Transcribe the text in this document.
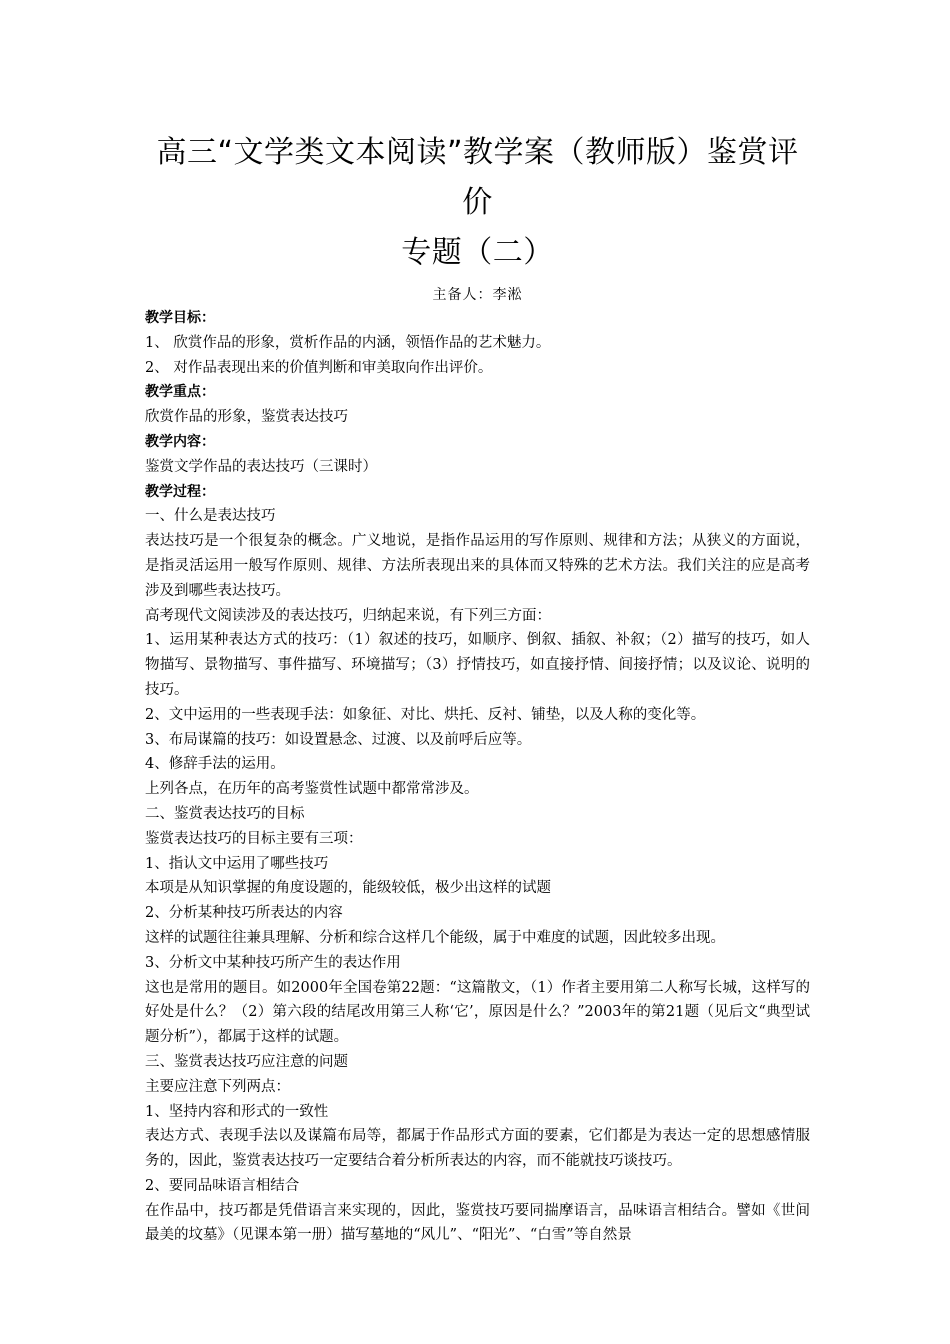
高三“文学类文本阅读”教学案（教师版）鉴赏评价
专题（二）
主备人：李淞

教学目标：

1、 欣赏作品的形象，赏析作品的内涵，领悟作品的艺术魅力。

2、 对作品表现出来的价值判断和审美取向作出评价。

教学重点：

欣赏作品的形象，鉴赏表达技巧

教学内容：

鉴赏文学作品的表达技巧（三课时）

教学过程：

一、什么是表达技巧

表达技巧是一个很复杂的概念。广义地说，是指作品运用的写作原则、规律和方法；从狭义的方面说，是指灵活运用一般写作原则、规律、方法所表现出来的具体而又特殊的艺术方法。我们关注的应是高考涉及到哪些表达技巧。

高考现代文阅读涉及的表达技巧，归纳起来说，有下列三方面：

1、运用某种表达方式的技巧：（1）叙述的技巧，如顺序、倒叙、插叙、补叙；（2）描写的技巧，如人物描写、景物描写、事件描写、环境描写；（3）抒情技巧，如直接抒情、间接抒情；以及议论、说明的技巧。

2、文中运用的一些表现手法：如象征、对比、烘托、反衬、铺垫，以及人称的变化等。

3、布局谋篇的技巧：如设置悬念、过渡、以及前呼后应等。

4、修辞手法的运用。

上列各点，在历年的高考鉴赏性试题中都常常涉及。

二、鉴赏表达技巧的目标

鉴赏表达技巧的目标主要有三项：

1、指认文中运用了哪些技巧

本项是从知识掌握的角度设题的，能级较低，极少出这样的试题

2、分析某种技巧所表达的内容

这样的试题往往兼具理解、分析和综合这样几个能级，属于中难度的试题，因此较多出现。

3、分析文中某种技巧所产生的表达作用

这也是常用的题目。如2000年全国卷第22题：“这篇散文，（1）作者主要用第二人称写长城，这样写的好处是什么？（2）第六段的结尾改用第三人称‘它’，原因是什么？”2003年的第21题（见后文“典型试题分析”），都属于这样的试题。

三、鉴赏表达技巧应注意的问题

主要应注意下列两点：

1、坚持内容和形式的一致性

表达方式、表现手法以及谋篇布局等，都属于作品形式方面的要素，它们都是为表达一定的思想感情服务的，因此，鉴赏表达技巧一定要结合着分析所表达的内容，而不能就技巧谈技巧。

2、要同品味语言相结合

在作品中，技巧都是凭借语言来实现的，因此，鉴赏技巧要同揣摩语言，品味语言相结合。譬如《世间最美的坟墓》（见课本第一册）描写墓地的“风儿”、“阳光”、“白雪”等自然景
